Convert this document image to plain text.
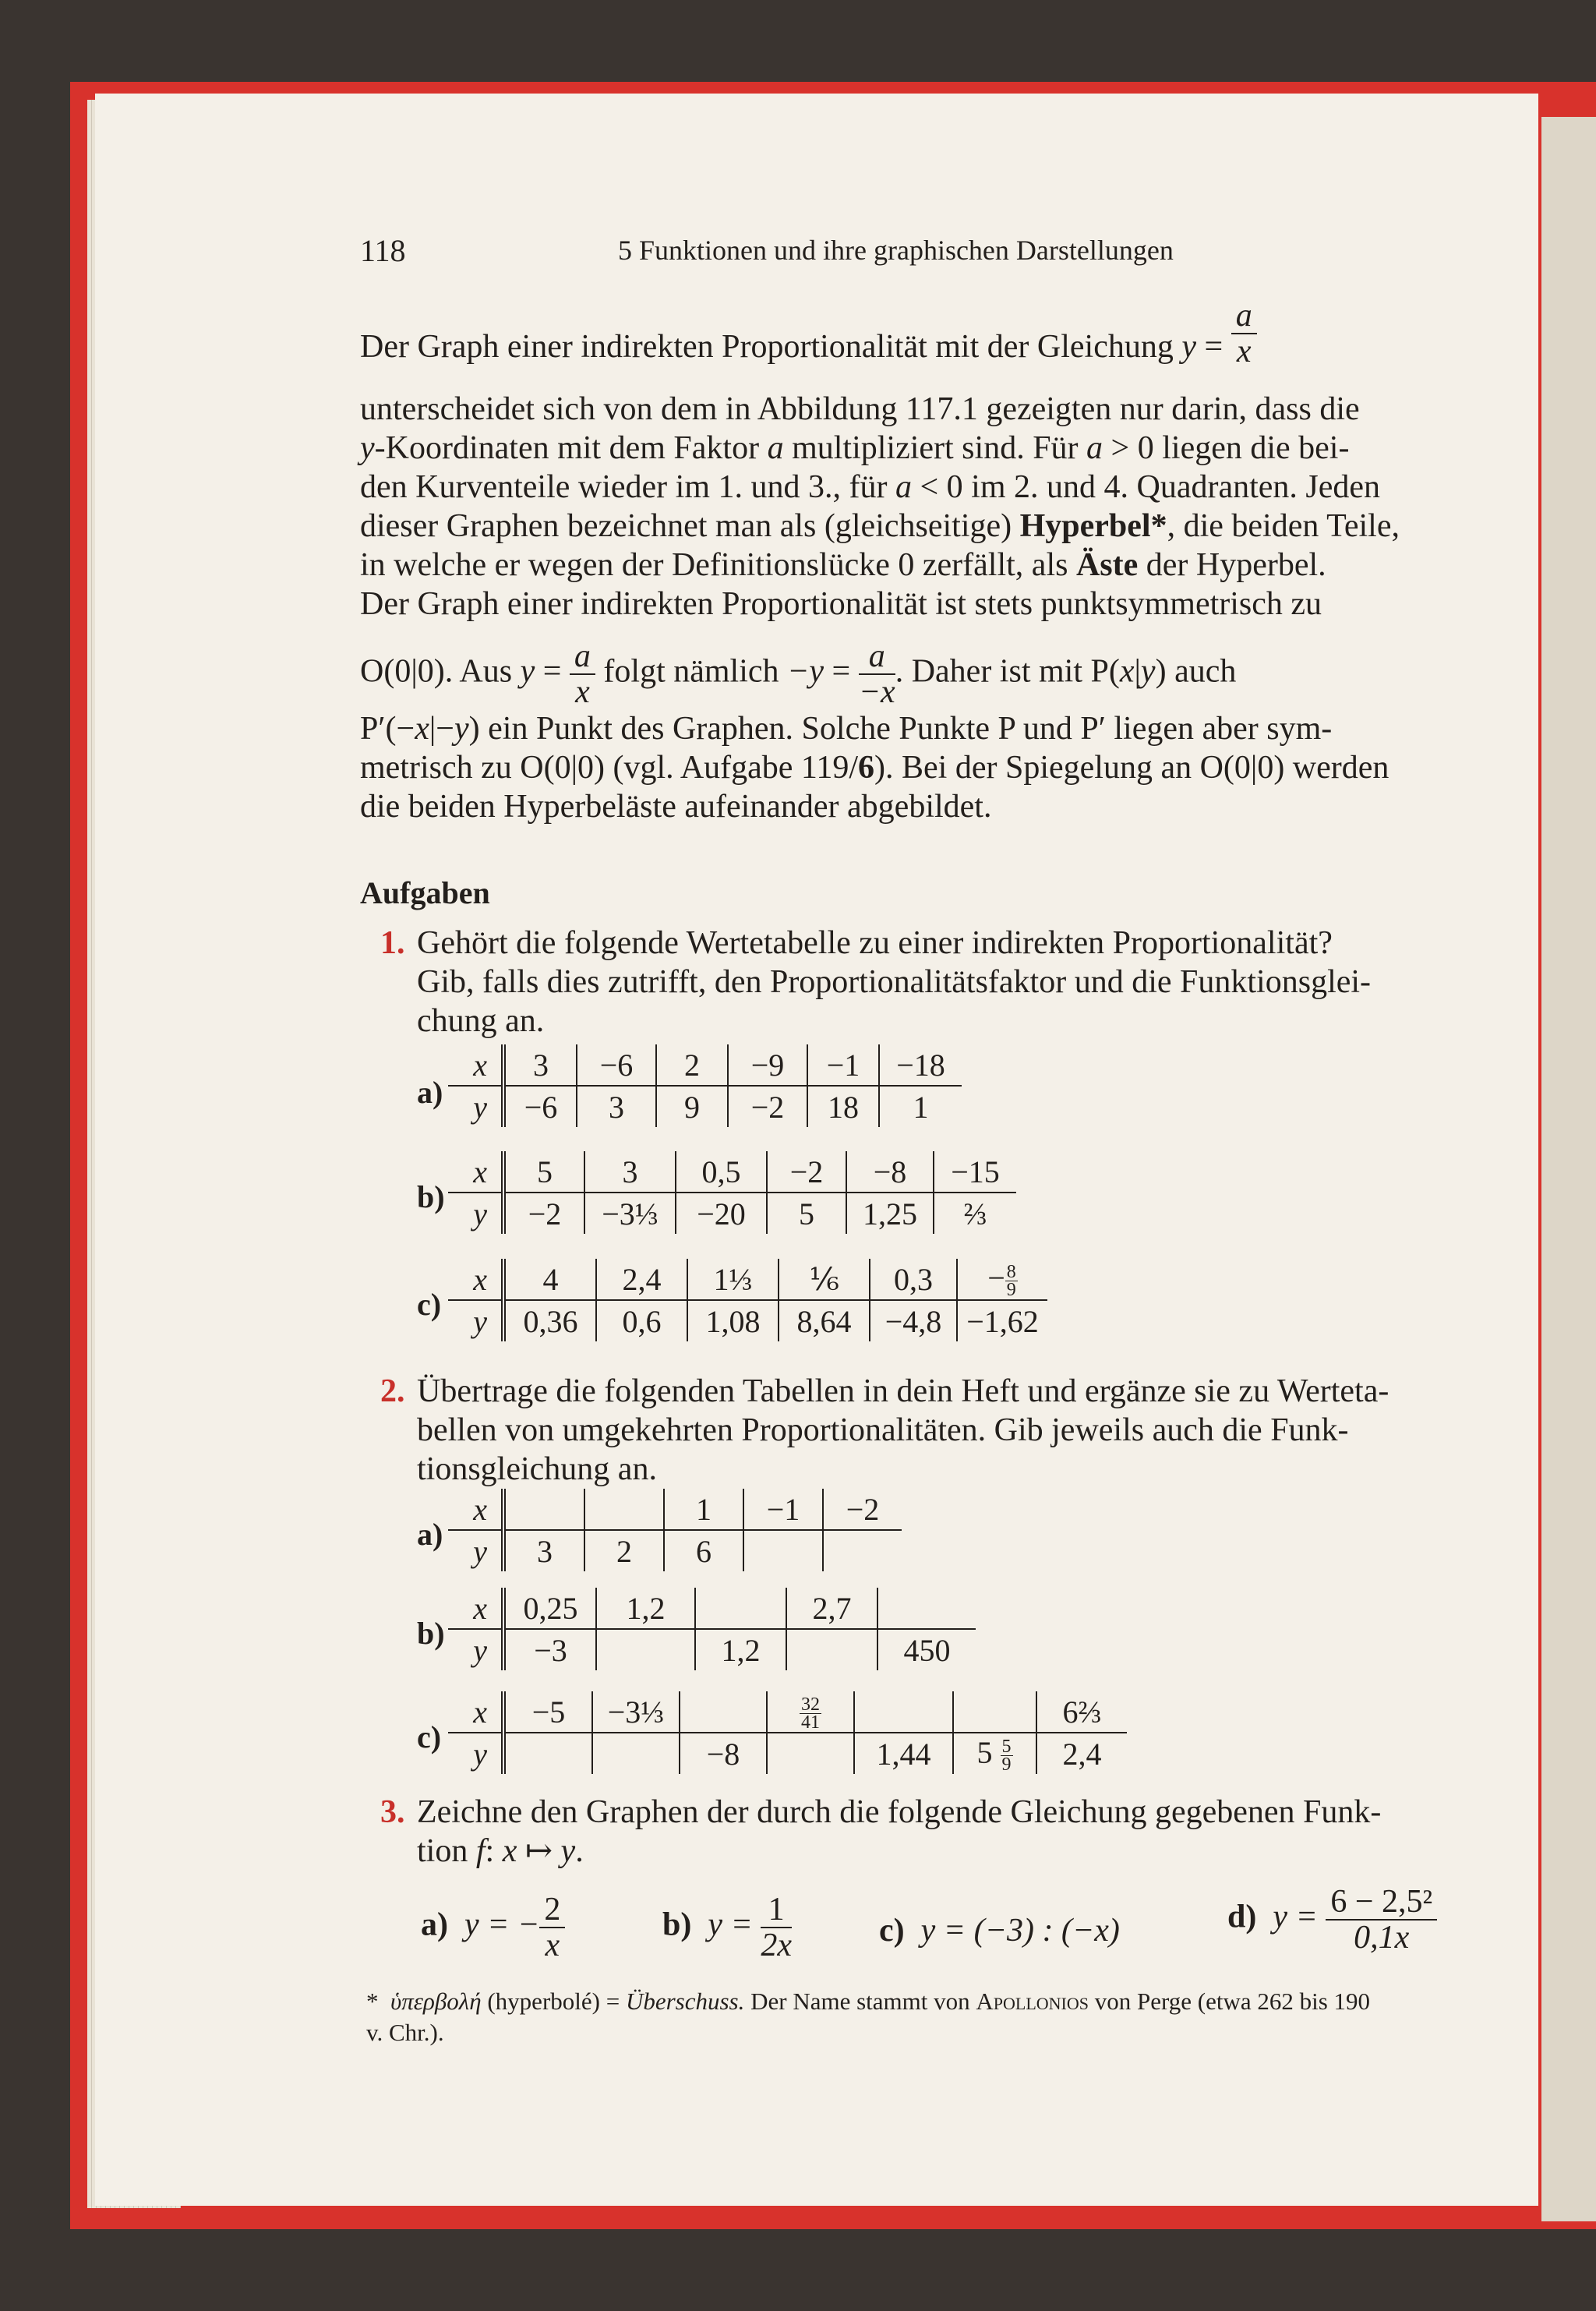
118	5 Funktionen und ihre graphischen Darstellungen
Der Graph einer indirekten Proportionalität mit der Gleichung $y = \frac{a}{x}$
unterscheidet sich von dem in Abbildung 117.1 gezeigten nur darin, dass die
y-Koordinaten mit dem Faktor a multipliziert sind. Für a > 0 liegen die bei-
den Kurventeile wieder im 1. und 3., für a < 0 im 2. und 4. Quadranten. Jeden
dieser Graphen bezeichnet man als (gleichseitige) Hyperbel*, die beiden Teile,
in welche er wegen der Definitionslücke 0 zerfällt, als Äste der Hyperbel.
Der Graph einer indirekten Proportionalität ist stets punktsymmetrisch zu
O(0|0). Aus $y = \frac{a}{x}$ folgt nämlich $-y = \frac{a}{-x}$ . Daher ist mit P(x|y) auch
P′(−x|−y) ein Punkt des Graphen. Solche Punkte P und P′ liegen aber sym-
metrisch zu O(0|0) (vgl. Aufgabe 119/6). Bei der Spiegelung an O(0|0) werden
die beiden Hyperbeläste aufeinander abgebildet.
Aufgaben
1. Gehört die folgende Wertetabelle zu einer indirekten Proportionalität?
Gib, falls dies zutrifft, den Proportionalitätsfaktor und die Funktionsglei-
chung an.
a)
x	3	−6	2	−9	−1	−18
y	−6	3	9	−2	18	1
b)
x	5	3	0,5	−2	−8	−15
y	−2	−3⅓	−20	5	1,25	⅔
c)
x	4	2,4	1⅓	⅙	0,3	− $\frac{8}{9}$

y	0,36	0,6	1,08	8,64	−4,8	−1,62
2. Übertrage die folgenden Tabellen in dein Heft und ergänze sie zu Werteta-
bellen von umgekehrten Proportionalitäten. Gib jeweils auch die Funk-
tionsgleichung an.
a)
x			1	−1	−2
y	3	2	6		
b)
x	0,25	1,2		2,7	
y	−3		1,2		450
c)
x	−5	−3⅓		$\frac{32}{41}$			6⅔
y			−8		1,44	$5 \frac{5}{9}$	2,4
3. Zeichne den Graphen der durch die folgende Gleichung gegebenen Funk-
tion f: x ↦ y.
a) y = − $\frac{2}{x}$	b) $y = \frac{1}{2x}$	c) y = (−3) : (−x)	d) $y = \frac{\text{6 − 2,5²}}{0,1x}$
* ὑπερβολή (hyperbolé) = Überschuss. Der Name stammt von Apollonios von Perge (etwa 262 bis 190
v. Chr.).
